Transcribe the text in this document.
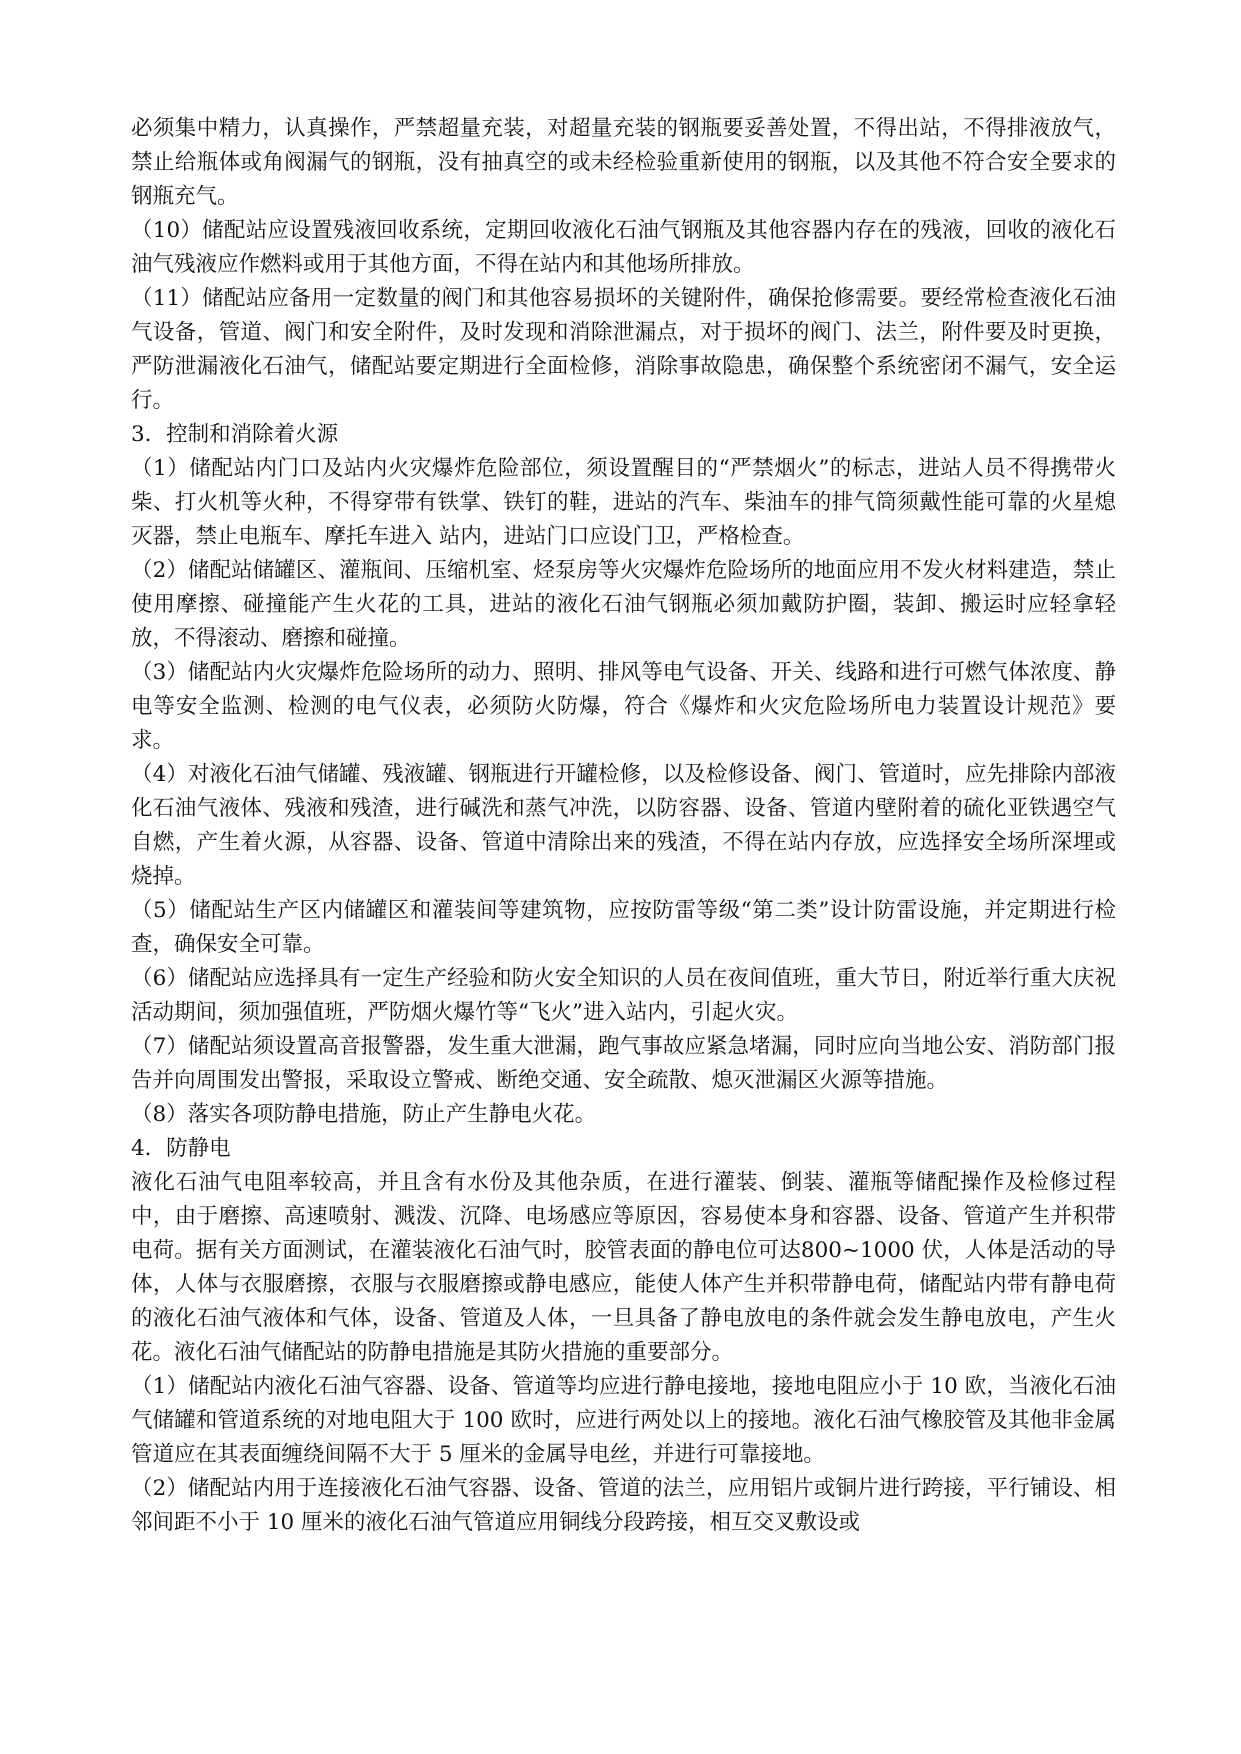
必须集中精力，认真操作，严禁超量充装，对超量充装的钢瓶要妥善处置，不得出站，不得排液放气，禁止给瓶体或角阀漏气的钢瓶，没有抽真空的或未经检验重新使用的钢瓶，以及其他不符合安全要求的钢瓶充气。

（10）储配站应设置残液回收系统，定期回收液化石油气钢瓶及其他容器内存在的残液，回收的液化石油气残液应作燃料或用于其他方面，不得在站内和其他场所排放。

（11）储配站应备用一定数量的阀门和其他容易损坏的关键附件，确保抢修需要。要经常检查液化石油气设备，管道、阀门和安全附件，及时发现和消除泄漏点，对于损坏的阀门、法兰，附件要及时更换，严防泄漏液化石油气，储配站要定期进行全面检修，消除事故隐患，确保整个系统密闭不漏气，安全运行。

3．控制和消除着火源

（1）储配站内门口及站内火灾爆炸危险部位，须设置醒目的“严禁烟火”的标志，进站人员不得携带火柴、打火机等火种，不得穿带有铁掌、铁钉的鞋，进站的汽车、柴油车的排气筒须戴性能可靠的火星熄灭器，禁止电瓶车、摩托车进入 站内，进站门口应设门卫，严格检查。

（2）储配站储罐区、灌瓶间、压缩机室、烃泵房等火灾爆炸危险场所的地面应用不发火材料建造，禁止使用摩擦、碰撞能产生火花的工具，进站的液化石油气钢瓶必须加戴防护圈，装卸、搬运时应轻拿轻放，不得滚动、磨擦和碰撞。

（3）储配站内火灾爆炸危险场所的动力、照明、排风等电气设备、开关、线路和进行可燃气体浓度、静电等安全监测、检测的电气仪表，必须防火防爆，符合《爆炸和火灾危险场所电力装置设计规范》要求。

（4）对液化石油气储罐、残液罐、钢瓶进行开罐检修，以及检修设备、阀门、管道时，应先排除内部液化石油气液体、残液和残渣，进行碱洗和蒸气冲洗，以防容器、设备、管道内壁附着的硫化亚铁遇空气自燃，产生着火源，从容器、设备、管道中清除出来的残渣，不得在站内存放，应选择安全场所深埋或烧掉。

（5）储配站生产区内储罐区和灌装间等建筑物，应按防雷等级“第二类”设计防雷设施，并定期进行检查，确保安全可靠。

（6）储配站应选择具有一定生产经验和防火安全知识的人员在夜间值班，重大节日，附近举行重大庆祝活动期间，须加强值班，严防烟火爆竹等“飞火”进入站内，引起火灾。

（7）储配站须设置高音报警器，发生重大泄漏，跑气事故应紧急堵漏，同时应向当地公安、消防部门报告并向周围发出警报，采取设立警戒、断绝交通、安全疏散、熄灭泄漏区火源等措施。

（8）落实各项防静电措施，防止产生静电火花。

4．防静电

液化石油气电阻率较高，并且含有水份及其他杂质，在进行灌装、倒装、灌瓶等储配操作及检修过程中，由于磨擦、高速喷射、溅泼、沉降、电场感应等原因，容易使本身和容器、设备、管道产生并积带电荷。据有关方面测试，在灌装液化石油气时，胶管表面的静电位可达800~1000 伏，人体是活动的导体，人体与衣服磨擦，衣服与衣服磨擦或静电感应，能使人体产生并积带静电荷，储配站内带有静电荷的液化石油气液体和气体，设备、管道及人体，一旦具备了静电放电的条件就会发生静电放电，产生火花。液化石油气储配站的防静电措施是其防火措施的重要部分。

（1）储配站内液化石油气容器、设备、管道等均应进行静电接地，接地电阻应小于 10 欧，当液化石油气储罐和管道系统的对地电阻大于 100 欧时，应进行两处以上的接地。液化石油气橡胶管及其他非金属管道应在其表面缠绕间隔不大于 5 厘米的金属导电丝，并进行可靠接地。

（2）储配站内用于连接液化石油气容器、设备、管道的法兰，应用铝片或铜片进行跨接，平行铺设、相邻间距不小于 10 厘米的液化石油气管道应用铜线分段跨接，相互交叉敷设或
